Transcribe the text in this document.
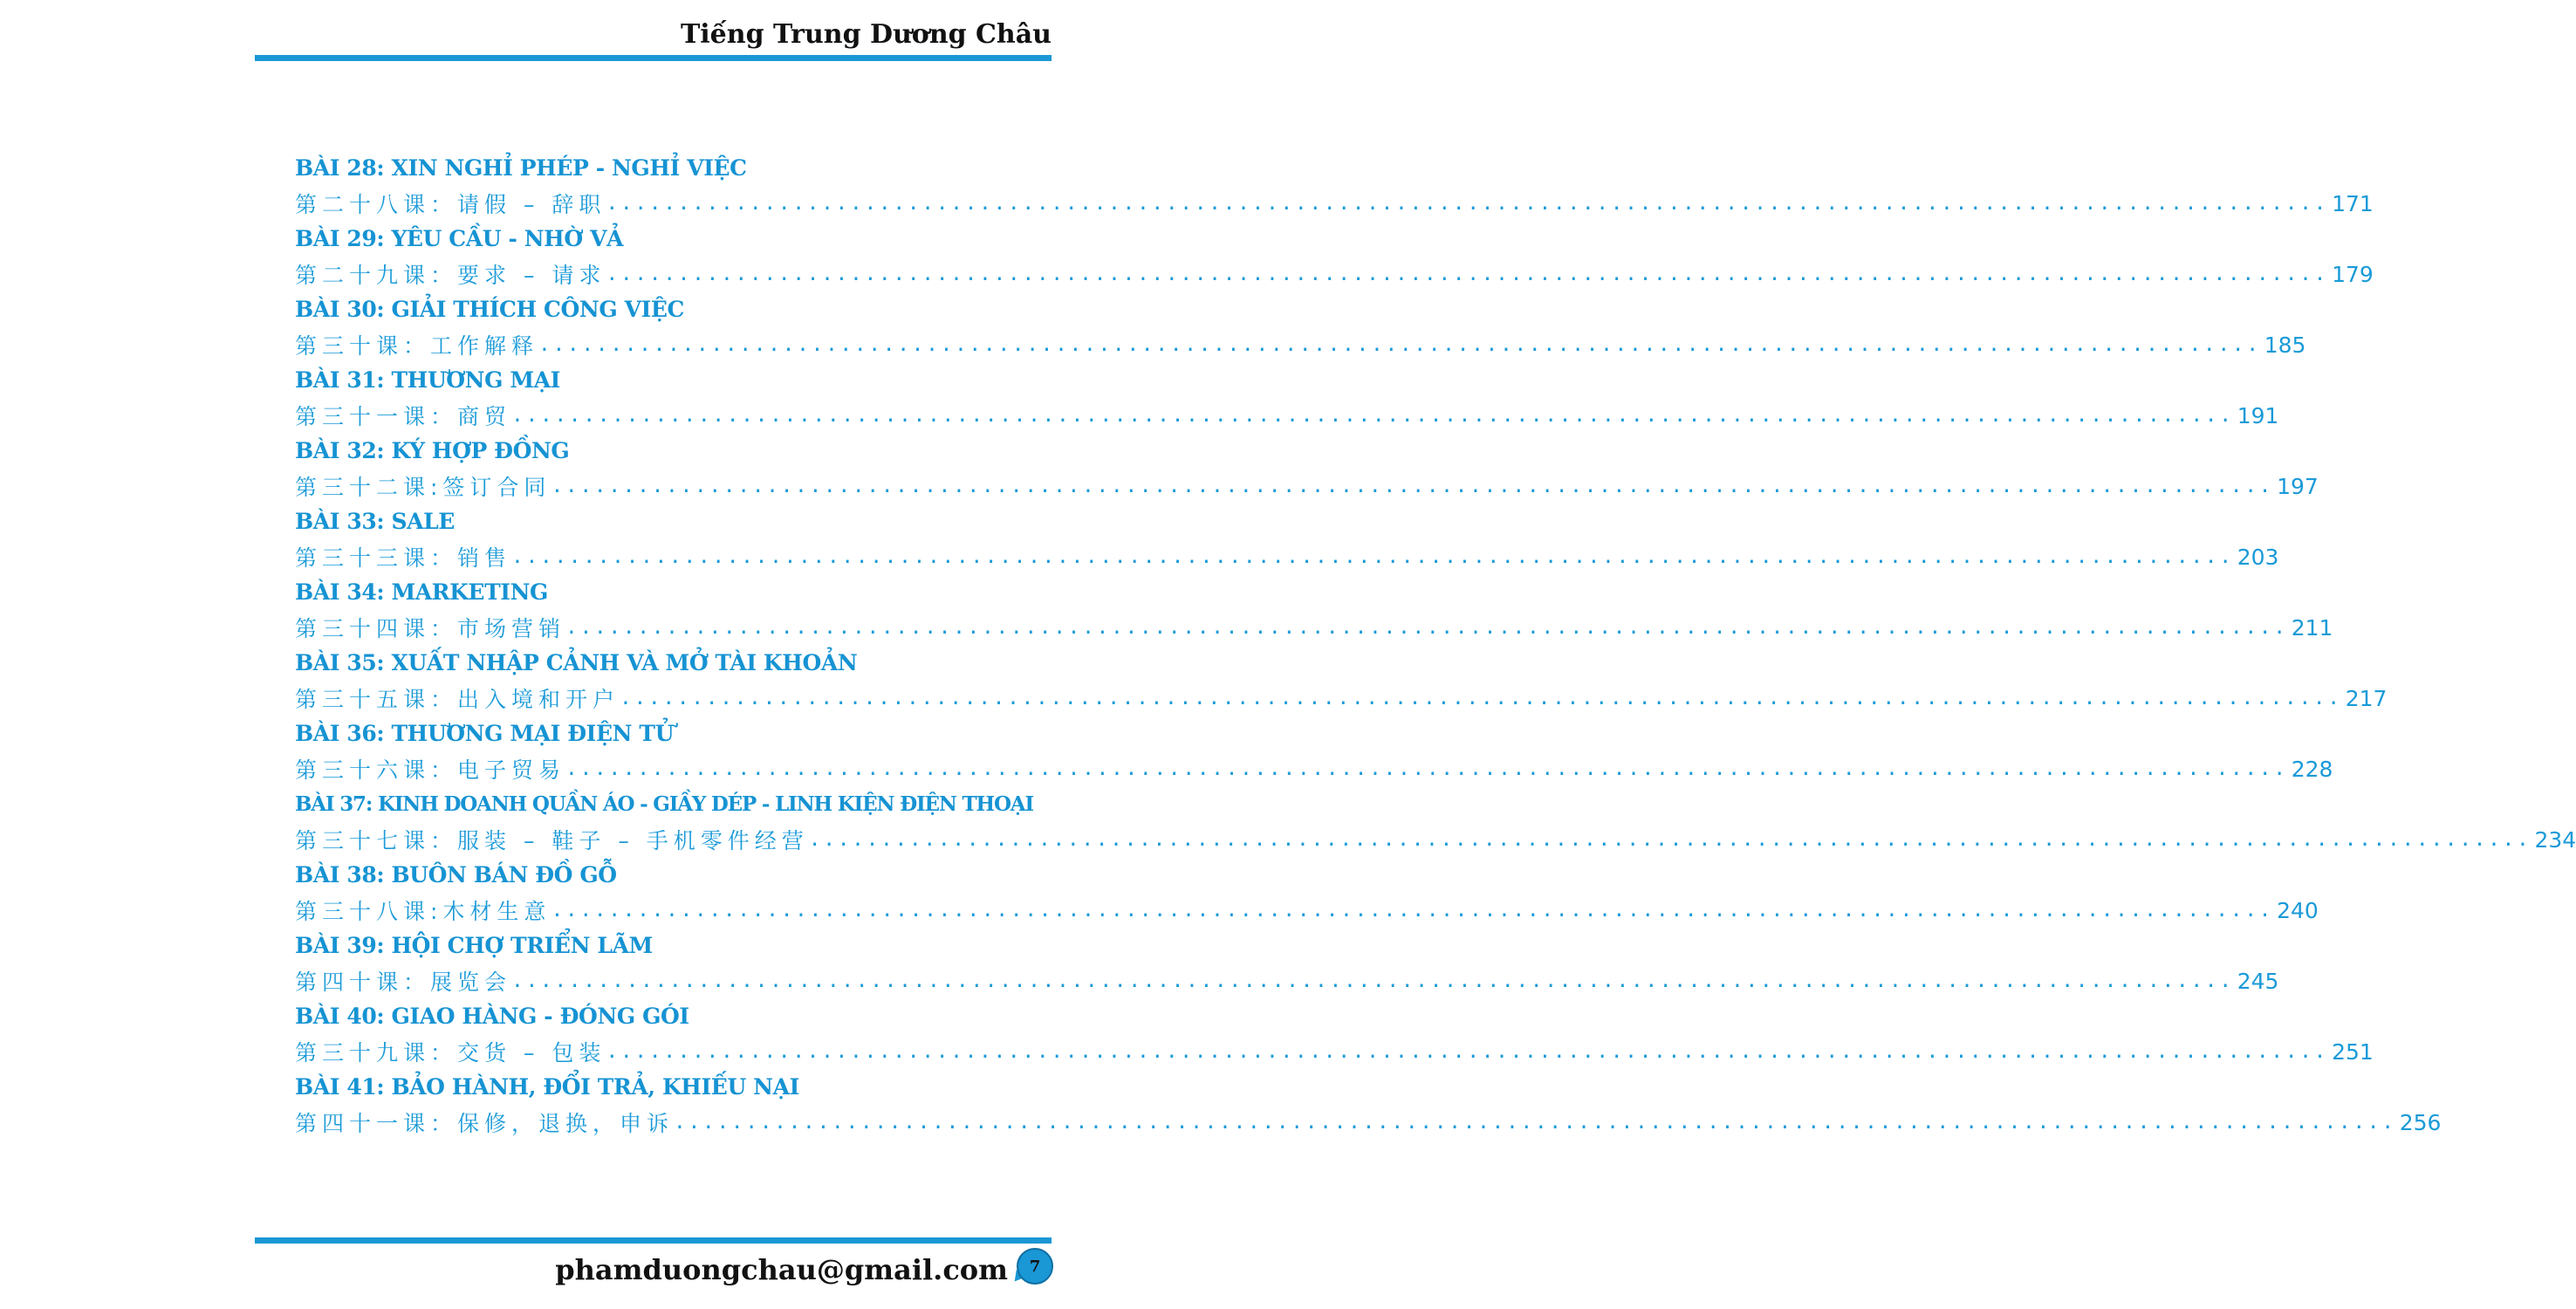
Tiếng Trung Dương Châu
BÀI 28: XIN NGHỈ PHÉP - NGHỈ VIỆC
第二十八课：请假 – 辞职 ........................................................................................................................ 171
BÀI 29: YÊU CẦU - NHỜ VẢ
第二十九课：要求 – 请求 ........................................................................................................................ 179
BÀI 30: GIẢI THÍCH CÔNG VIỆC
第三十课：工作解释 ........................................................................................................................ 185
BÀI 31: THƯƠNG MẠI
第三十一课：商贸 ........................................................................................................................ 191
BÀI 32: KÝ HỢP ĐỒNG
第三十二课:签订合同 ........................................................................................................................ 197
BÀI 33: SALE
第三十三课：销售 ........................................................................................................................ 203
BÀI 34: MARKETING
第三十四课：市场营销 ........................................................................................................................ 211
BÀI 35: XUẤT NHẬP CẢNH VÀ MỞ TÀI KHOẢN
第三十五课：出入境和开户 ........................................................................................................................ 217
BÀI 36: THƯƠNG MẠI ĐIỆN TỬ
第三十六课：电子贸易 ........................................................................................................................ 228
BÀI 37: KINH DOANH QUẦN ÁO - GIẦY DÉP - LINH KIỆN ĐIỆN THOẠI
第三十七课：服装 – 鞋子 – 手机零件经营 ........................................................................................................................ 234
BÀI 38: BUÔN BÁN ĐỒ GỖ
第三十八课:木材生意 ........................................................................................................................ 240
BÀI 39: HỘI CHỢ TRIỂN LÃM
第四十课：展览会 ........................................................................................................................ 245
BÀI 40: GIAO HÀNG - ĐÓNG GÓI
第三十九课：交货 – 包装 ........................................................................................................................ 251
BÀI 41: BẢO HÀNH, ĐỔI TRẢ, KHIẾU NẠI
第四十一课：保修，退换，申诉 ........................................................................................................................ 256
phamduongchau@gmail.com	7
